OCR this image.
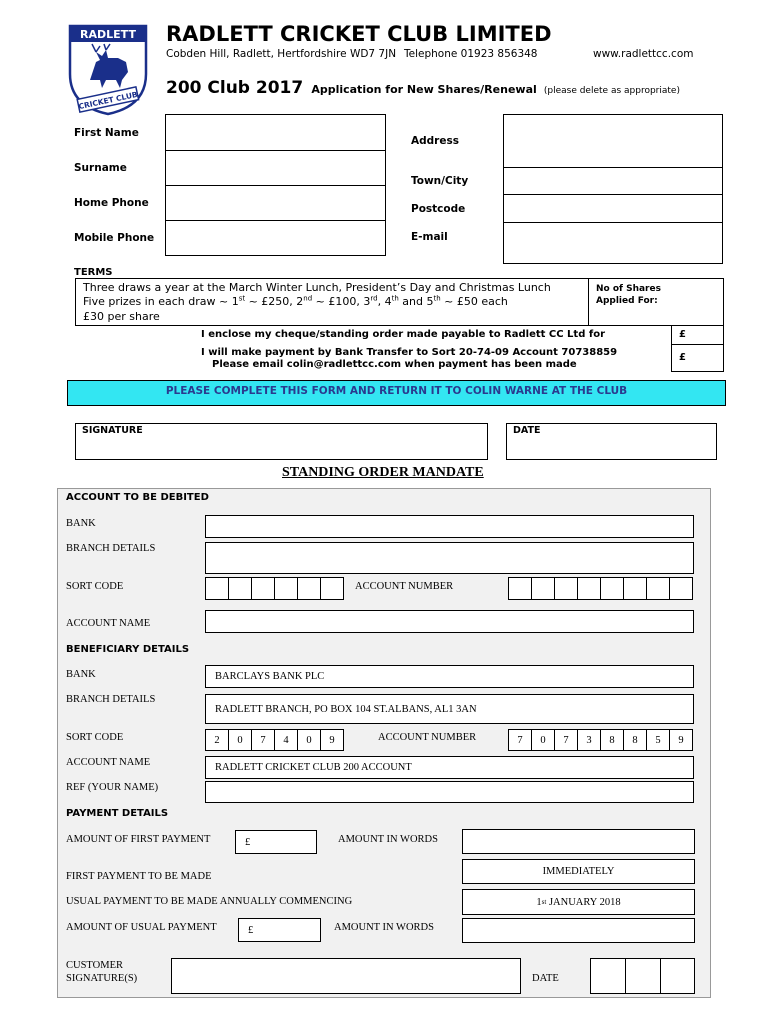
RADLETT
CRICKET CLUB
RADLETT CRICKET CLUB LIMITED
Cobden Hill, Radlett, Hertfordshire WD7 7JN Telephone 01923 856348	www.radlettcc.com
200 Club 2017 Application for New Shares/Renewal (please delete as appropriate)
First Name
Surname
Home Phone
Mobile Phone
Address
Town/City
Postcode
E-mail
TERMS
Three draws a year at the March Winter Lunch, President’s Day and Christmas Lunch
Five prizes in each draw ~ 1st ~ £250, 2nd ~ £100, 3rd, 4th and 5th ~ £50 each
£30 per share
No of Shares
Applied For:
I enclose my cheque/standing order made payable to Radlett CC Ltd for
I will make payment by Bank Transfer to Sort 20-74-09 Account 70738859
Please email colin@radlettcc.com when payment has been made
£
£
PLEASE COMPLETE THIS FORM AND RETURN IT TO COLIN WARNE AT THE CLUB
SIGNATURE	DATE
STANDING ORDER MANDATE
ACCOUNT TO BE DEBITED
BANK
BRANCH DETAILS
SORT CODE	ACCOUNT NUMBER
ACCOUNT NAME
BENEFICIARY DETAILS
BANK	BARCLAYS BANK PLC
BRANCH DETAILS
RADLETT BRANCH, PO BOX 104 ST.ALBANS, AL1 3AN
SORT CODE	2	0	7	4	0	9	ACCOUNT NUMBER	7	0	7	3	8	8	5	9
ACCOUNT NAME	RADLETT CRICKET CLUB 200 ACCOUNT
REF (YOUR NAME)
PAYMENT DETAILS
AMOUNT OF FIRST PAYMENT	£	AMOUNT IN WORDS
FIRST PAYMENT TO BE MADE	IMMEDIATELY
USUAL PAYMENT TO BE MADE ANNUALLY COMMENCING	1 st JANUARY 2018
AMOUNT OF USUAL PAYMENT	£	AMOUNT IN WORDS
CUSTOMER
SIGNATURE(S)	DATE
